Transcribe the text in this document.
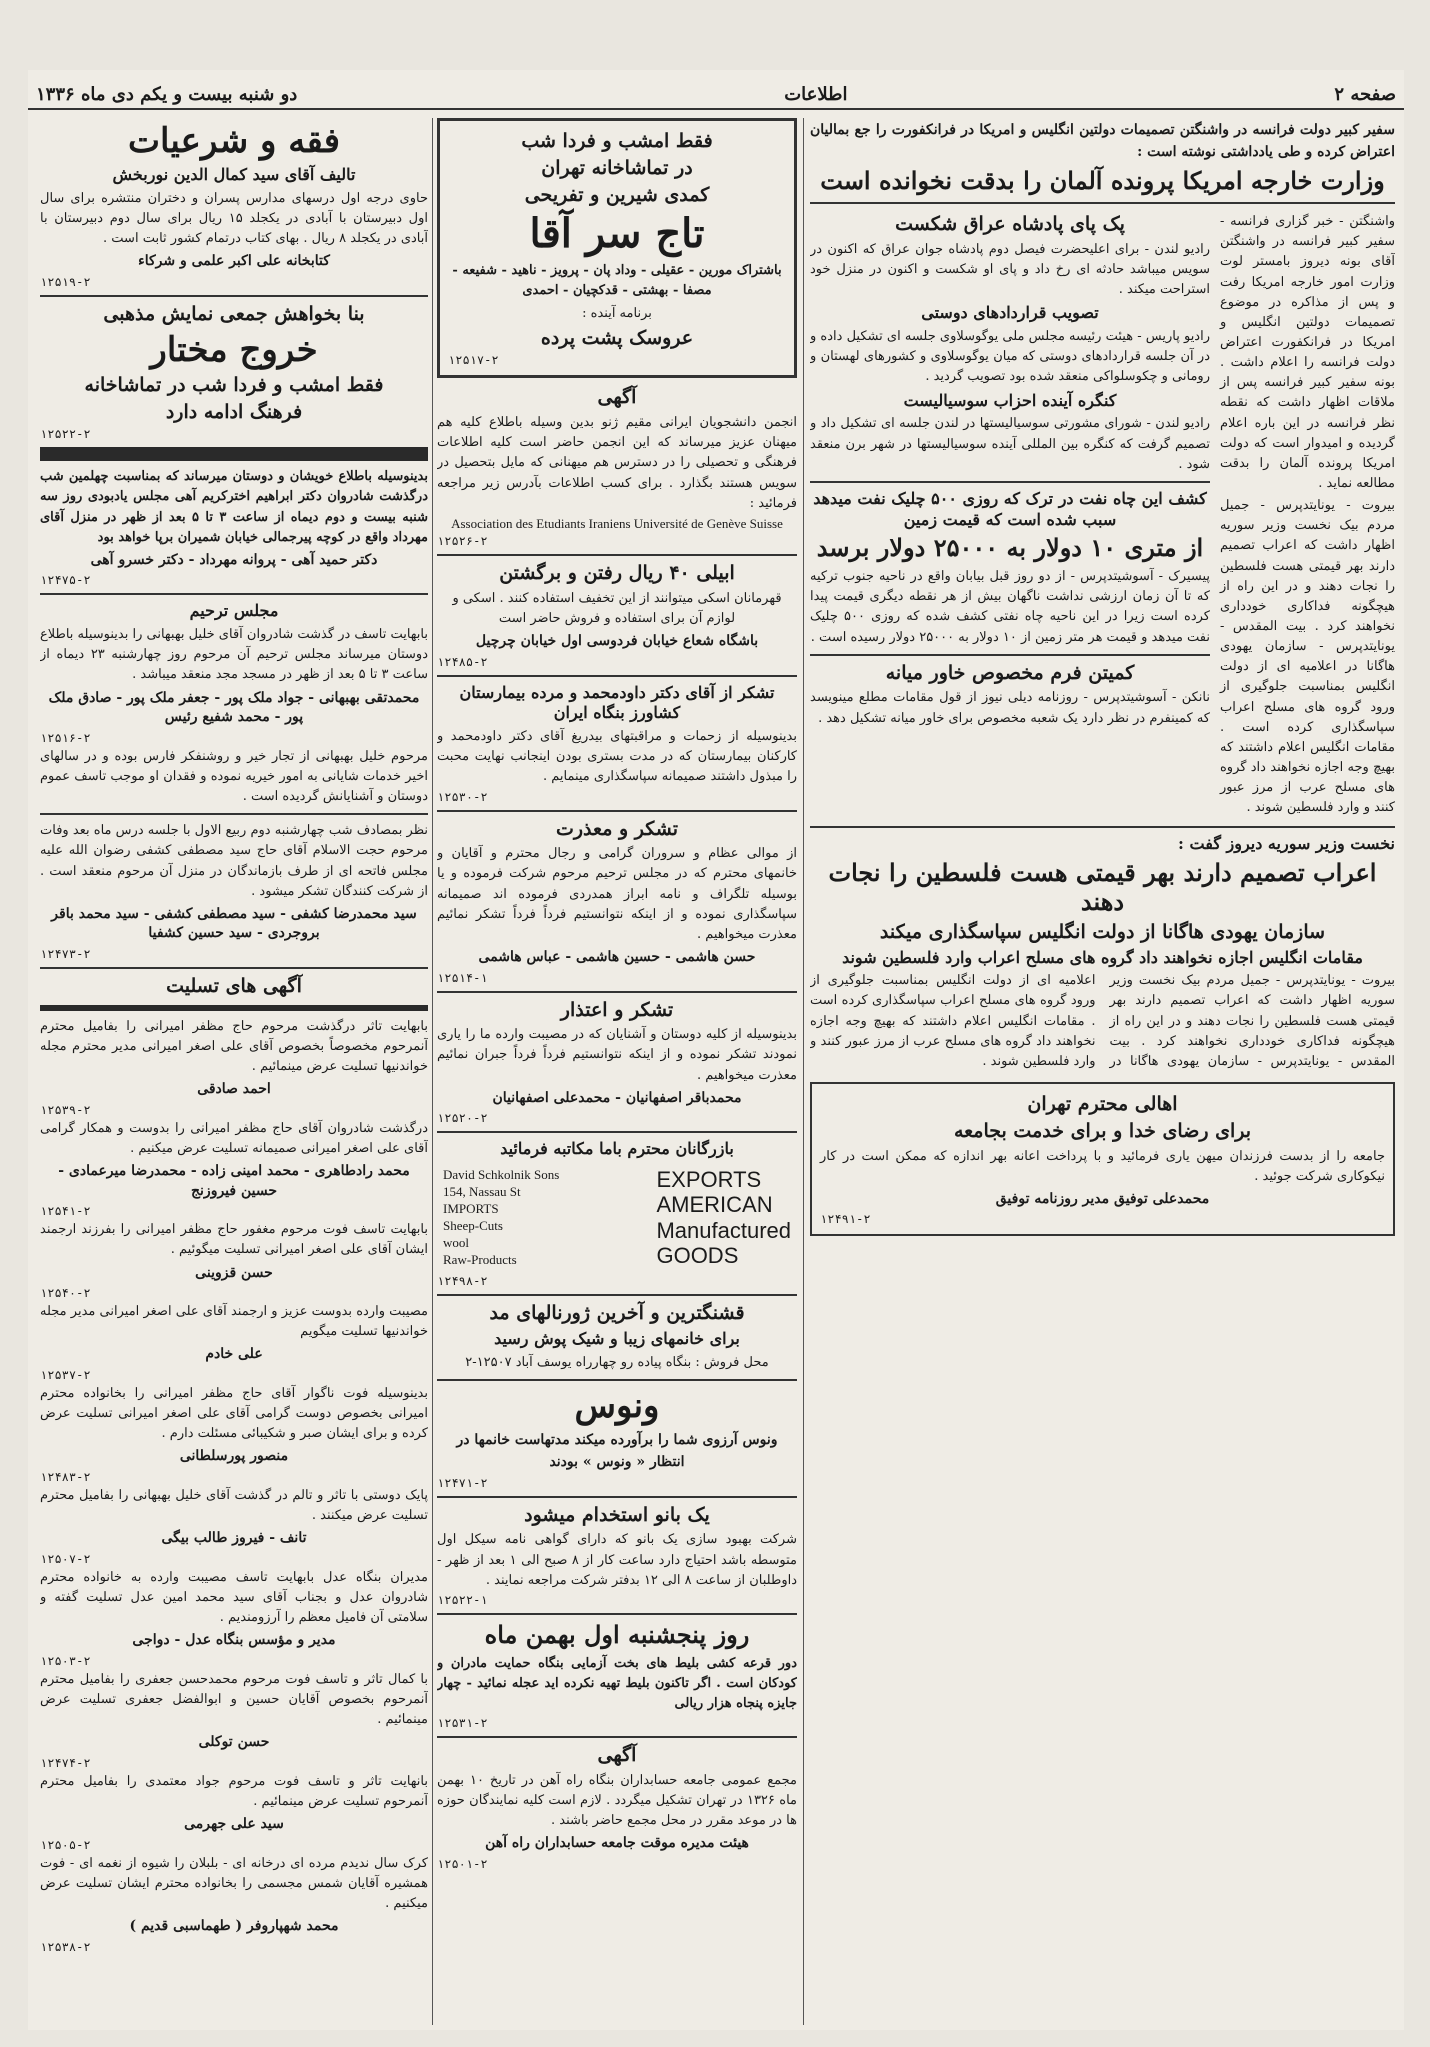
صفحه ۲
اطلاعات
دو شنبه بیست و یکم دی ماه ۱۳۳۶
سفیر کبیر دولت فرانسه در واشنگتن تصمیمات دولتین انگلیس و امریکا در فرانکفورت را جع بمالیان اعتراض کرده و طی یادداشتی نوشته است :
وزارت خارجه امریکا پرونده آلمان را بدقت نخوانده است
واشنگتن - خبر گزاری فرانسه - سفیر کبیر فرانسه در واشنگتن آقای بونه دیروز بامستر لوت وزارت امور خارجه امریکا رفت و پس از مذاکره در موضوع تصمیمات دولتین انگلیس و امریکا در فرانکفورت اعتراض دولت فرانسه را اعلام داشت . بونه سفیر کبیر فرانسه پس از ملاقات اظهار داشت که نقطه نظر فرانسه در این باره اعلام گردیده و امیدوار است که دولت امریکا پرونده آلمان را بدقت مطالعه نماید .
بیروت - یونایتدپرس - جمیل مردم بیک نخست وزیر سوریه اظهار داشت که اعراب تصمیم دارند بهر قیمتی هست فلسطین را نجات دهند و در این راه از هیچگونه فداکاری خودداری نخواهند کرد . بیت المقدس - یونایتدپرس - سازمان یهودی هاگانا در اعلامیه ای از دولت انگلیس بمناسبت جلوگیری از ورود گروه های مسلح اعراب سپاسگذاری کرده است . مقامات انگلیس اعلام داشتند که بهیچ وجه اجازه نخواهند داد گروه های مسلح عرب از مرز عبور کنند و وارد فلسطین شوند .
پک پای پادشاه عراق شکست
رادیو لندن - برای اعلیحضرت فیصل دوم پادشاه جوان عراق که اکنون در سویس میباشد حادثه ای رخ داد و پای او شکست و اکنون در منزل خود استراحت میکند .
تصویب قراردادهای دوستی
رادیو پاریس - هیئت رئیسه مجلس ملی یوگوسلاوی جلسه ای تشکیل داده و در آن جلسه قراردادهای دوستی که میان یوگوسلاوی و کشورهای لهستان و رومانی و چکوسلواکی منعقد شده بود تصویب گردید .
کنگره آینده احزاب سوسیالیست
رادیو لندن - شورای مشورتی سوسیالیستها در لندن جلسه ای تشکیل داد و تصمیم گرفت که کنگره بین المللی آینده سوسیالیستها در شهر برن منعقد شود .
کشف این چاه نفت در ترک که روزی ۵۰۰ چلیک نفت میدهد سبب شده است که قیمت زمین
از متری ۱۰ دولار به ۲۵۰۰۰ دولار برسد
پیسیرک - آسوشیتدپرس - از دو روز قبل بیابان واقع در ناحیه جنوب ترکیه که تا آن زمان ارزشی نداشت ناگهان بیش از هر نقطه دیگری قیمت پیدا کرده است زیرا در این ناحیه چاه نفتی کشف شده که روزی ۵۰۰ چلیک نفت میدهد و قیمت هر متر زمین از ۱۰ دولار به ۲۵۰۰۰ دولار رسیده است .
کمیتن فرم مخصوص خاور میانه
نانکن - آسوشیتدپرس - روزنامه دیلی نیوز از قول مقامات مطلع مینویسد که کمینفرم در نظر دارد یک شعبه مخصوص برای خاور میانه تشکیل دهد .
نخست وزیر سوریه دیروز گفت :
اعراب تصمیم دارند بهر قیمتی هست فلسطین را نجات دهند
سازمان یهودی هاگانا از دولت انگلیس سپاسگذاری میکند
مقامات انگلیس اجازه نخواهند داد گروه های مسلح اعراب وارد فلسطین شوند
بیروت - یونایتدپرس - جمیل مردم بیک نخست وزیر سوریه اظهار داشت که اعراب تصمیم دارند بهر قیمتی هست فلسطین را نجات دهند و در این راه از هیچگونه فداکاری خودداری نخواهند کرد . بیت المقدس - یونایتدپرس - سازمان یهودی هاگانا در اعلامیه ای از دولت انگلیس بمناسبت جلوگیری از ورود گروه های مسلح اعراب سپاسگذاری کرده است . مقامات انگلیس اعلام داشتند که بهیچ وجه اجازه نخواهند داد گروه های مسلح عرب از مرز عبور کنند و وارد فلسطین شوند .
اهالی محترم تهران
برای رضای خدا و برای خدمت بجامعه
جامعه را از بدست فرزندان میهن یاری فرمائید و با پرداخت اعانه بهر اندازه که ممکن است در کار نیکوکاری شرکت جوئید .
محمدعلی توفیق مدیر روزنامه توفیق
۱۲۴۹۱-۲
فقط امشب و فردا شب
در تماشاخانه تهران
کمدی شیرین و تفریحی
تاج سر آقا
باشتراک مورین - عقیلی - وداد پان - پرویز - ناهید - شفیعه - مصفا - بهشتی - قدکچیان - احمدی
برنامه آینده :
عروسک پشت پرده
۱۲۵۱۷-۲
آگهی
انجمن دانشجویان ایرانی مقیم ژنو بدین وسیله باطلاع کلیه هم میهنان عزیز میرساند که این انجمن حاضر است کلیه اطلاعات فرهنگی و تحصیلی را در دسترس هم میهنانی که مایل بتحصیل در سویس هستند بگذارد . برای کسب اطلاعات بآدرس زیر مراجعه فرمائید :
Association des Etudiants Iraniens Université de Genève Suisse
۱۲۵۲۶-۲
ابیلی ۴۰ ریال رفتن و برگشتن
قهرمانان اسکی میتوانند از این تخفیف استفاده کنند . اسکی و لوازم آن برای استفاده و فروش حاضر است
باشگاه شعاع خیابان فردوسی اول خیابان چرچیل
۱۲۴۸۵-۲
تشکر از آقای دکتر داودمحمد و مرده بیمارستان کشاورز بنگاه ایران
بدینوسیله از زحمات و مراقبتهای بیدریغ آقای دکتر داودمحمد و کارکنان بیمارستان که در مدت بستری بودن اینجانب نهایت محبت را مبذول داشتند صمیمانه سپاسگذاری مینمایم .
۱۲۵۳۰-۲
تشکر و معذرت
از موالی عظام و سروران گرامی و رجال محترم و آقایان و خانمهای محترم که در مجلس ترحیم مرحوم شرکت فرموده و یا بوسیله تلگراف و نامه ابراز همدردی فرموده اند صمیمانه سپاسگذاری نموده و از اینکه نتوانستیم فرداً فرداً تشکر نمائیم معذرت میخواهیم .
حسن هاشمی - حسین هاشمی - عباس هاشمی
۱۲۵۱۴-۱
تشکر و اعتذار
بدینوسیله از کلیه دوستان و آشنایان که در مصیبت وارده ما را یاری نمودند تشکر نموده و از اینکه نتوانستیم فرداً فرداً جبران نمائیم معذرت میخواهیم .
محمدباقر اصفهانیان - محمدعلی اصفهانیان
۱۲۵۲۰-۲
بازرگانان محترم باما مکاتبه فرمائید
David Schkolnik Sons
154, Nassau St
IMPORTS
Sheep-Cuts
wool
Raw-Products
EXPORTS
AMERICAN
Manufactured
GOODS
۱۲۴۹۸-۲
قشنگترین و آخرین ژورنالهای مد
برای خانمهای زیبا و شیک پوش رسید
محل فروش : بنگاه پیاده رو چهارراه یوسف آباد ۱۲۵۰۷-۲
ونوس
ونوس آرزوی شما را برآورده میکند مدتهاست خانمها در انتظار « ونوس » بودند
۱۲۴۷۱-۲
یک بانو استخدام میشود
شرکت بهبود سازی یک بانو که دارای گواهی نامه سیکل اول متوسطه باشد احتیاج دارد ساعت کار از ۸ صبح الی ۱ بعد از ظهر - داوطلبان از ساعت ۸ الی ۱۲ بدفتر شرکت مراجعه نمایند .
۱۲۵۲۲-۱
روز پنجشنبه اول بهمن ماه
دور قرعه کشی بلیط های بخت آزمایی بنگاه حمایت مادران و کودکان است . اگر تاکنون بلیط تهیه نکرده اید عجله نمائید - چهار جایزه پنجاه هزار ریالی
۱۲۵۳۱-۲
آگهی
مجمع عمومی جامعه حسابداران بنگاه راه آهن در تاریخ ۱۰ بهمن ماه ۱۳۲۶ در تهران تشکیل میگردد . لازم است کلیه نمایندگان حوزه ها در موعد مقرر در محل مجمع حاضر باشند .
هیئت مدیره موقت جامعه حسابداران راه آهن
۱۲۵۰۱-۲
فقه و شرعیات
تالیف آقای سید کمال الدین نوربخش
حاوی درجه اول درسهای مدارس پسران و دختران منتشره برای سال اول دبیرستان با آبادی در یکجلد ۱۵ ریال برای سال دوم دبیرستان با آبادی در یکجلد ۸ ریال . بهای کتاب درتمام کشور ثابت است .
کتابخانه علی اکبر علمی و شرکاء
۱۲۵۱۹-۲
بنا بخواهش جمعی نمایش مذهبی
خروج مختار
فقط امشب و فردا شب در تماشاخانه
فرهنگ ادامه دارد
۱۲۵۲۲-۲
بدینوسیله باطلاع خویشان و دوستان میرساند که بمناسبت چهلمین شب درگذشت شادروان دکتر ابراهیم اخترکریم آهی مجلس یادبودی روز سه شنبه بیست و دوم دیماه از ساعت ۳ تا ۵ بعد از ظهر در منزل آقای مهرداد واقع در کوچه پیرجمالی خیابان شمیران برپا خواهد بود
دکتر حمید آهی - پروانه مهرداد - دکتر خسرو آهی
۱۲۴۷۵-۲
مجلس ترحیم
بابهایت تاسف در گذشت شادروان آقای خلیل بهبهانی را بدینوسیله باطلاع دوستان میرساند مجلس ترحیم آن مرحوم روز چهارشنبه ۲۳ دیماه از ساعت ۳ تا ۵ بعد از ظهر در مسجد مجد منعقد میباشد .
محمدتقی بهبهانی - جواد ملک پور - جعفر ملک پور - صادق ملک پور - محمد شفیع رئیس
۱۲۵۱۶-۲
مرحوم خلیل بهبهانی از تجار خیر و روشنفکر فارس بوده و در سالهای اخیر خدمات شایانی به امور خیریه نموده و فقدان او موجب تاسف عموم دوستان و آشنایانش گردیده است .
نظر بمصادف شب چهارشنبه دوم ربیع الاول با جلسه درس ماه بعد وفات مرحوم حجت الاسلام آقای حاج سید مصطفی کشفی رضوان الله علیه مجلس فاتحه ای از طرف بازماندگان در منزل آن مرحوم منعقد است . از شرکت کنندگان تشکر میشود .
سید محمدرضا کشفی - سید مصطفی کشفی - سید محمد باقر بروجردی - سید حسین کشفیا
۱۲۴۷۳-۲
آگهی های تسلیت
بابهایت تاثر درگذشت مرحوم حاج مظفر امیرانی را بفامیل محترم آنمرحوم مخصوصاً بخصوص آقای علی اصغر امیرانی مدیر محترم مجله خواندنیها تسلیت عرض مینمائیم .
احمد صادقی
۱۲۵۳۹-۲
درگذشت شادروان آقای حاج مظفر امیرانی را بدوست و همکار گرامی آقای علی اصغر امیرانی صمیمانه تسلیت عرض میکنیم .
محمد رادطاهری - محمد امینی زاده - محمدرضا میرعمادی - حسین فیروزنج
۱۲۵۴۱-۲
بابهایت تاسف فوت مرحوم مغفور حاج مظفر امیرانی را بفرزند ارجمند ایشان آقای علی اصغر امیرانی تسلیت میگوئیم .
حسن قزوینی
۱۲۵۴۰-۲
مصیبت وارده بدوست عزیز و ارجمند آقای علی اصغر امیرانی مدیر مجله خواندنیها تسلیت میگویم
علی خادم
۱۲۵۳۷-۲
بدینوسیله فوت ناگوار آقای حاج مظفر امیرانی را بخانواده محترم امیرانی بخصوص دوست گرامی آقای علی اصغر امیرانی تسلیت عرض کرده و برای ایشان صبر و شکیبائی مسئلت دارم .
منصور پورسلطانی
۱۲۴۸۳-۲
پایک دوستی با تاثر و تالم در گذشت آقای خلیل بهبهانی را بفامیل محترم تسلیت عرض میکنند .
تانف - فیروز طالب بیگی
۱۲۵۰۷-۲
مدیران بنگاه عدل بابهایت تاسف مصیبت وارده به خانواده محترم شادروان عدل و بجناب آقای سید محمد امین عدل تسلیت گفته و سلامتی آن فامیل معظم را آرزومندیم .
مدیر و مؤسس بنگاه عدل - دواجی
۱۲۵۰۳-۲
با کمال تاثر و تاسف فوت مرحوم محمدحسن جعفری را بفامیل محترم آنمرحوم بخصوص آقایان حسین و ابوالفضل جعفری تسلیت عرض مینمائیم .
حسن توکلی
۱۲۴۷۴-۲
بانهایت تاثر و تاسف فوت مرحوم جواد معتمدی را بفامیل محترم آنمرحوم تسلیت عرض مینمائیم .
سید علی جهرمی
۱۲۵۰۵-۲
کرک سال ندیدم مرده ای درخانه ای - بلبلان را شیوه از نغمه ای - فوت همشیره آقایان شمس مجسمی را بخانواده محترم ایشان تسلیت عرض میکنیم .
محمد شهپاروفر ( طهماسبی قدیم )
۱۲۵۳۸-۲
